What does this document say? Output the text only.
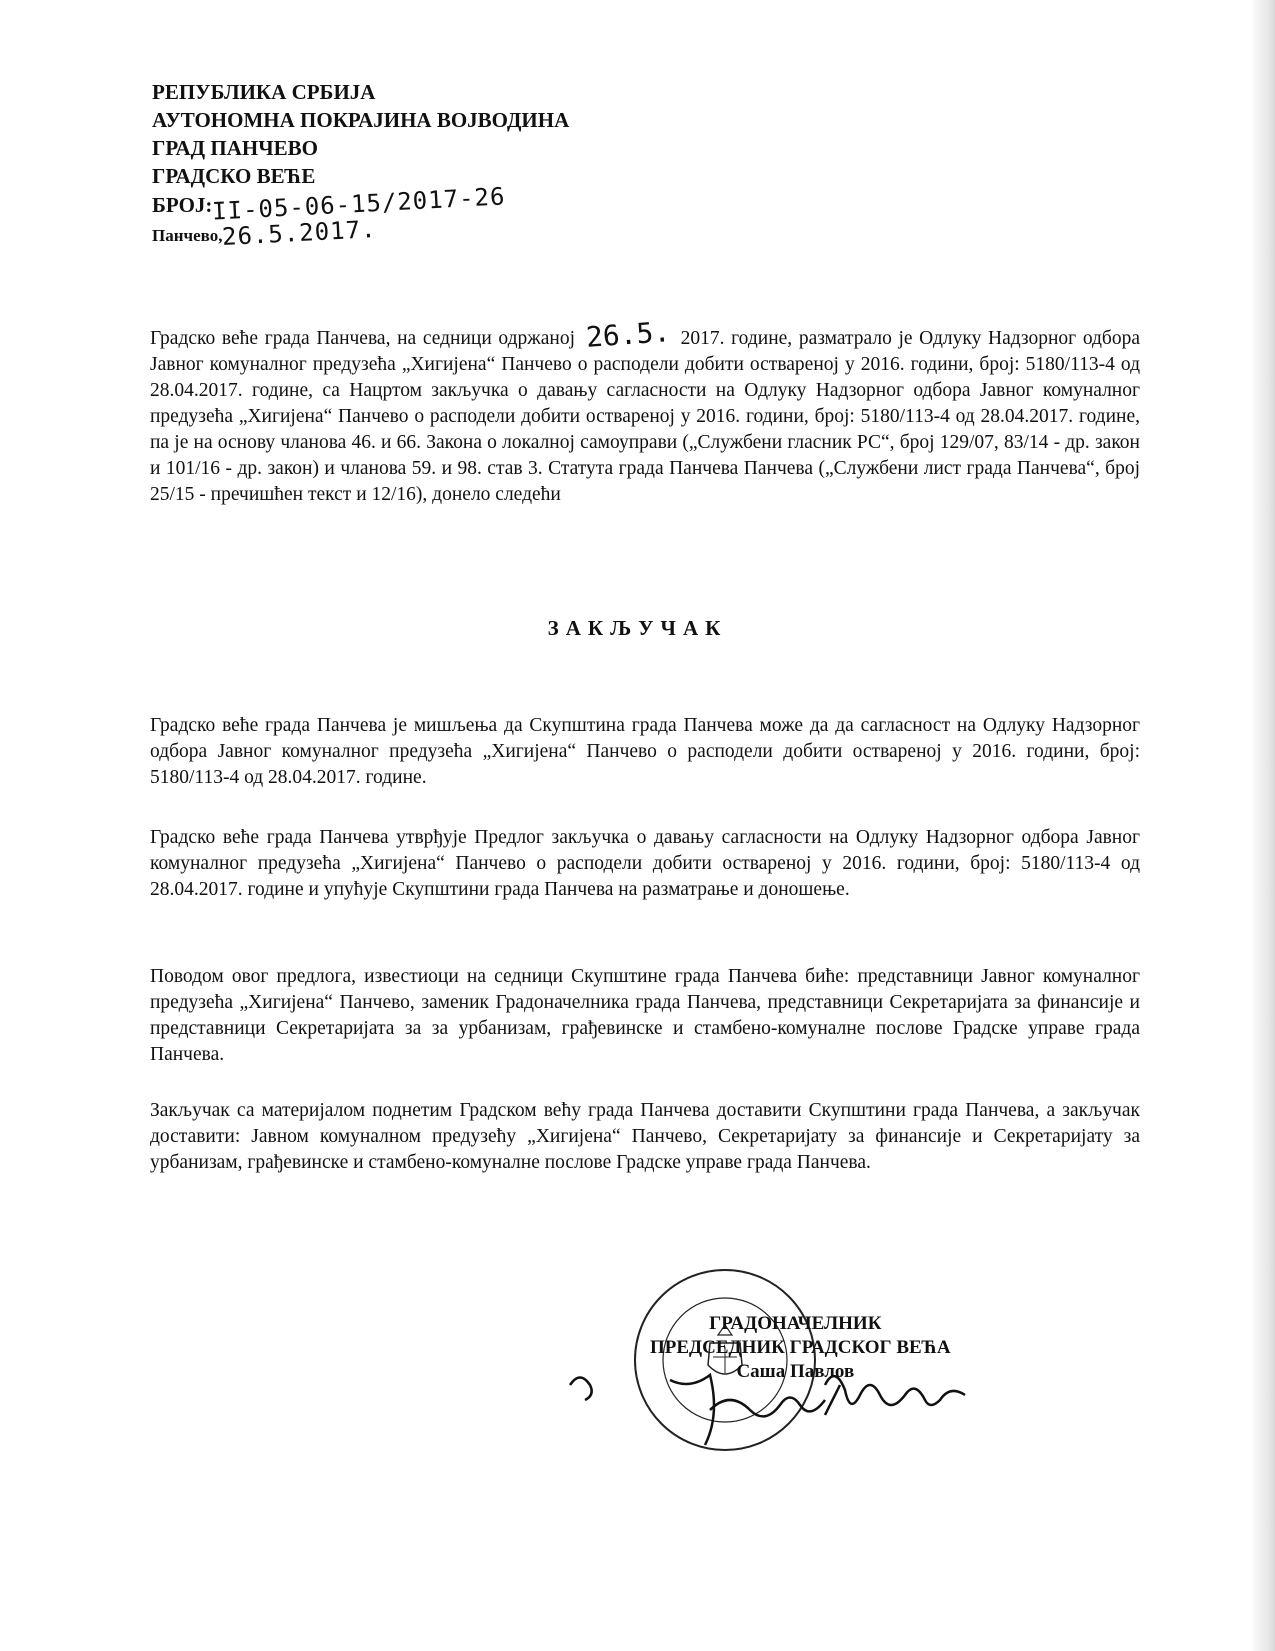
РЕПУБЛИКА СРБИЈА
АУТОНОМНА ПОКРАЈИНА ВОЈВОДИНА
ГРАД ПАНЧЕВО
ГРАДСКО ВЕЋЕ
БРОЈ:II-05-06-15/2017-26
Панчево,26.5.2017.
Градско веће града Панчева, на седници одржаној 26.5. 2017. године, разматрало је Одлуку Надзорног одбора Јавног комуналног предузећа „Хигијена“ Панчево о расподели добити оствареној у 2016. години, број: 5180/113-4 од 28.04.2017. године, са Нацртом закључка о давању сагласности на Одлуку Надзорног одбора Јавног комуналног предузећа „Хигијена“ Панчево о расподели добити оствареној у 2016. години, број: 5180/113-4 од 28.04.2017. године, па је на основу чланова 46. и 66. Закона о локалној самоуправи („Службени гласник РС“, број 129/07, 83/14 - др. закон и 101/16 - др. закон) и чланова 59. и 98. став 3. Статута града Панчева Панчева („Службени лист града Панчева“, број 25/15 - пречишћен текст и 12/16), донело следећи
ЗАКЉУЧАК
Градско веће града Панчева је мишљења да Скупштина града Панчева може да да сагласност на Одлуку Надзорног одбора Јавног комуналног предузећа „Хигијена“ Панчево о расподели добити оствареној у 2016. години, број: 5180/113-4 од 28.04.2017. године.
Градско веће града Панчева утврђује Предлог закључка о давању сагласности на Одлуку Надзорног одбора Јавног комуналног предузећа „Хигијена“ Панчево о расподели добити оствареној у 2016. години, број: 5180/113-4 од 28.04.2017. године и упућује Скупштини града Панчева на разматрање и доношење.
Поводом овог предлога, известиоци на седници Скупштине града Панчева биће: представници Јавног комуналног предузећа „Хигијена“ Панчево, заменик Градоначелника града Панчева, представници Секретаријата за финансије и представници Секретаријата за за урбанизам, грађевинске и стамбено-комуналне послове Градске управе града Панчева.
Закључак са материјалом поднетим Градском већу града Панчева доставити Скупштини града Панчева, а закључак доставити: Јавном комуналном предузећу „Хигијена“ Панчево, Секретаријату за финансије и Секретаријату за урбанизам, грађевинске и стамбено-комуналне послове Градске управе града Панчева.
ГРАДОНАЧЕЛНИК
ПРЕДСЕДНИК ГРАДСКОГ ВЕЋА
Саша Павлов
